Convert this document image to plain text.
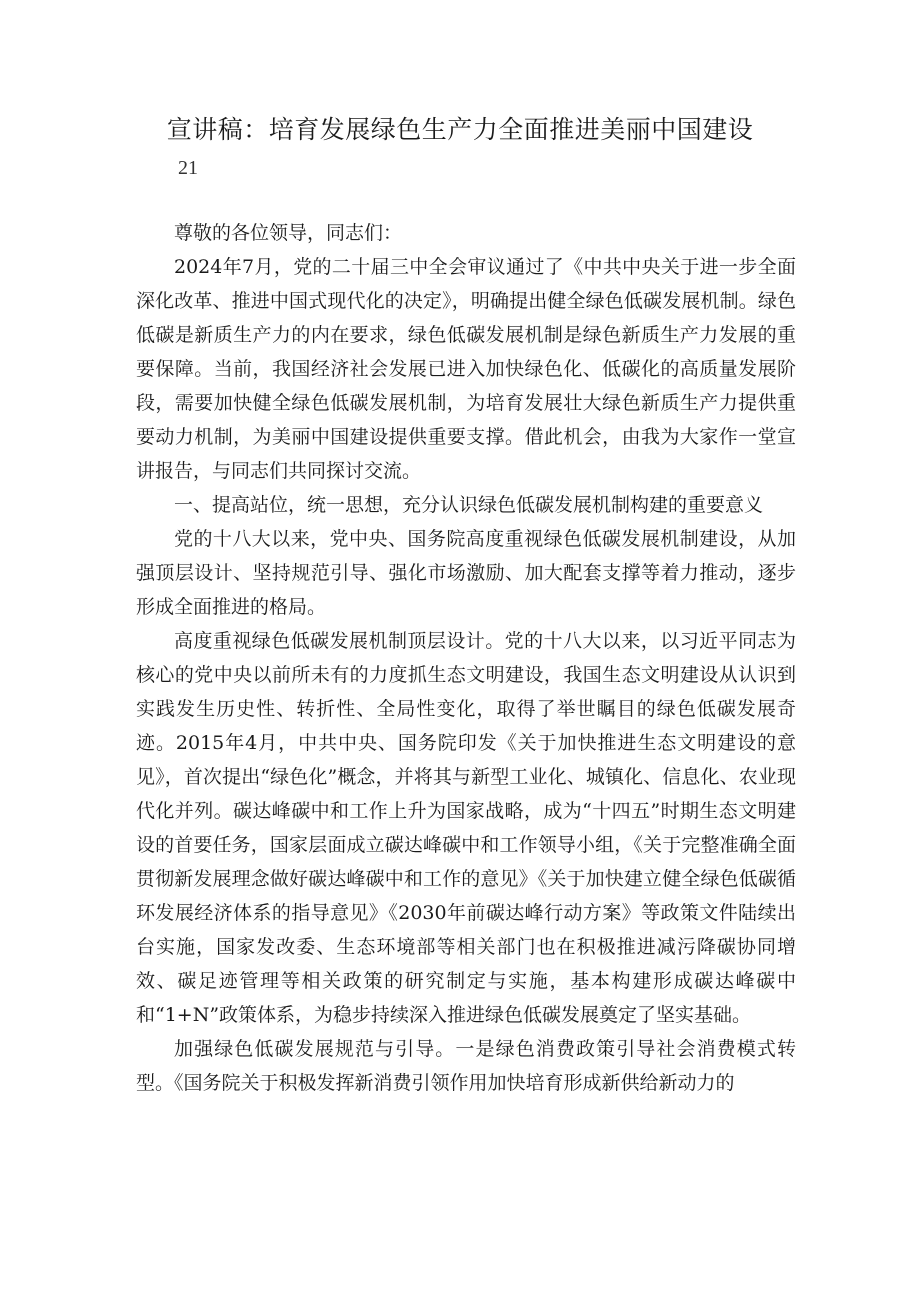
宣讲稿：培育发展绿色生产力全面推进美丽中国建设
21

尊敬的各位领导，同志们：

2024年7月，党的二十届三中全会审议通过了《中共中央关于进一步全面深化改革、推进中国式现代化的决定》，明确提出健全绿色低碳发展机制。绿色低碳是新质生产力的内在要求，绿色低碳发展机制是绿色新质生产力发展的重要保障。当前，我国经济社会发展已进入加快绿色化、低碳化的高质量发展阶段，需要加快健全绿色低碳发展机制，为培育发展壮大绿色新质生产力提供重要动力机制，为美丽中国建设提供重要支撑。借此机会，由我为大家作一堂宣讲报告，与同志们共同探讨交流。

一、提高站位，统一思想，充分认识绿色低碳发展机制构建的重要意义

党的十八大以来，党中央、国务院高度重视绿色低碳发展机制建设，从加强顶层设计、坚持规范引导、强化市场激励、加大配套支撑等着力推动，逐步形成全面推进的格局。

高度重视绿色低碳发展机制顶层设计。党的十八大以来，以习近平同志为核心的党中央以前所未有的力度抓生态文明建设，我国生态文明建设从认识到实践发生历史性、转折性、全局性变化，取得了举世瞩目的绿色低碳发展奇迹。2015年4月，中共中央、国务院印发《关于加快推进生态文明建设的意见》，首次提出“绿色化”概念，并将其与新型工业化、城镇化、信息化、农业现代化并列。碳达峰碳中和工作上升为国家战略，成为“十四五”时期生态文明建设的首要任务，国家层面成立碳达峰碳中和工作领导小组，《关于完整准确全面贯彻新发展理念做好碳达峰碳中和工作的意见》《关于加快建立健全绿色低碳循环发展经济体系的指导意见》《2030年前碳达峰行动方案》等政策文件陆续出台实施，国家发改委、生态环境部等相关部门也在积极推进减污降碳协同增效、碳足迹管理等相关政策的研究制定与实施，基本构建形成碳达峰碳中和“1+N”政策体系，为稳步持续深入推进绿色低碳发展奠定了坚实基础。

加强绿色低碳发展规范与引导。一是绿色消费政策引导社会消费模式转型。《国务院关于积极发挥新消费引领作用加快培育形成新供给新动力的
